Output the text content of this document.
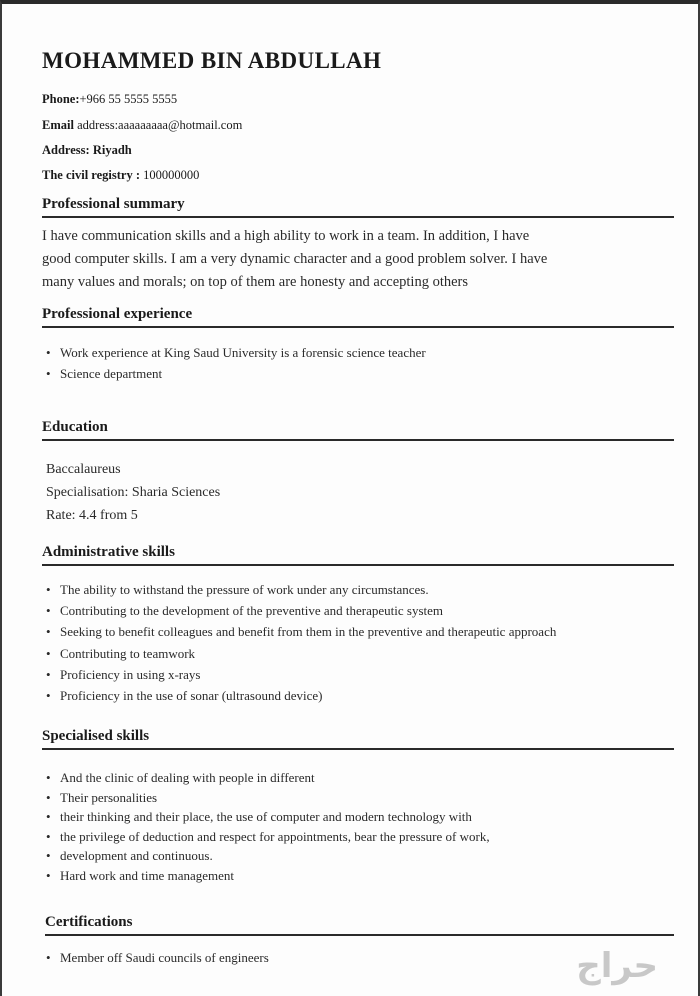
MOHAMMED BIN ABDULLAH
Phone:+966 55 5555 5555
Email address:aaaaaaaaa@hotmail.com
Address: Riyadh
The civil registry : 100000000
Professional summary
I have communication skills and a high ability to work in a team. In addition, I have
good computer skills. I am a very dynamic character and a good problem solver. I have
many values and morals; on top of them are honesty and accepting others
Professional experience
• Work experience at King Saud University is a forensic science teacher
• Science department
Education
Baccalaureus
Specialisation: Sharia Sciences
Rate: 4.4 from 5
Administrative skills
• The ability to withstand the pressure of work under any circumstances.
• Contributing to the development of the preventive and therapeutic system
• Seeking to benefit colleagues and benefit from them in the preventive and therapeutic approach
• Contributing to teamwork
• Proficiency in using x-rays
• Proficiency in the use of sonar (ultrasound device)
Specialised skills
• And the clinic of dealing with people in different
• Their personalities
• their thinking and their place, the use of computer and modern technology with
• the privilege of deduction and respect for appointments, bear the pressure of work,
• development and continuous.
• Hard work and time management
Certifications
• Member off Saudi councils of engineers	حراج
